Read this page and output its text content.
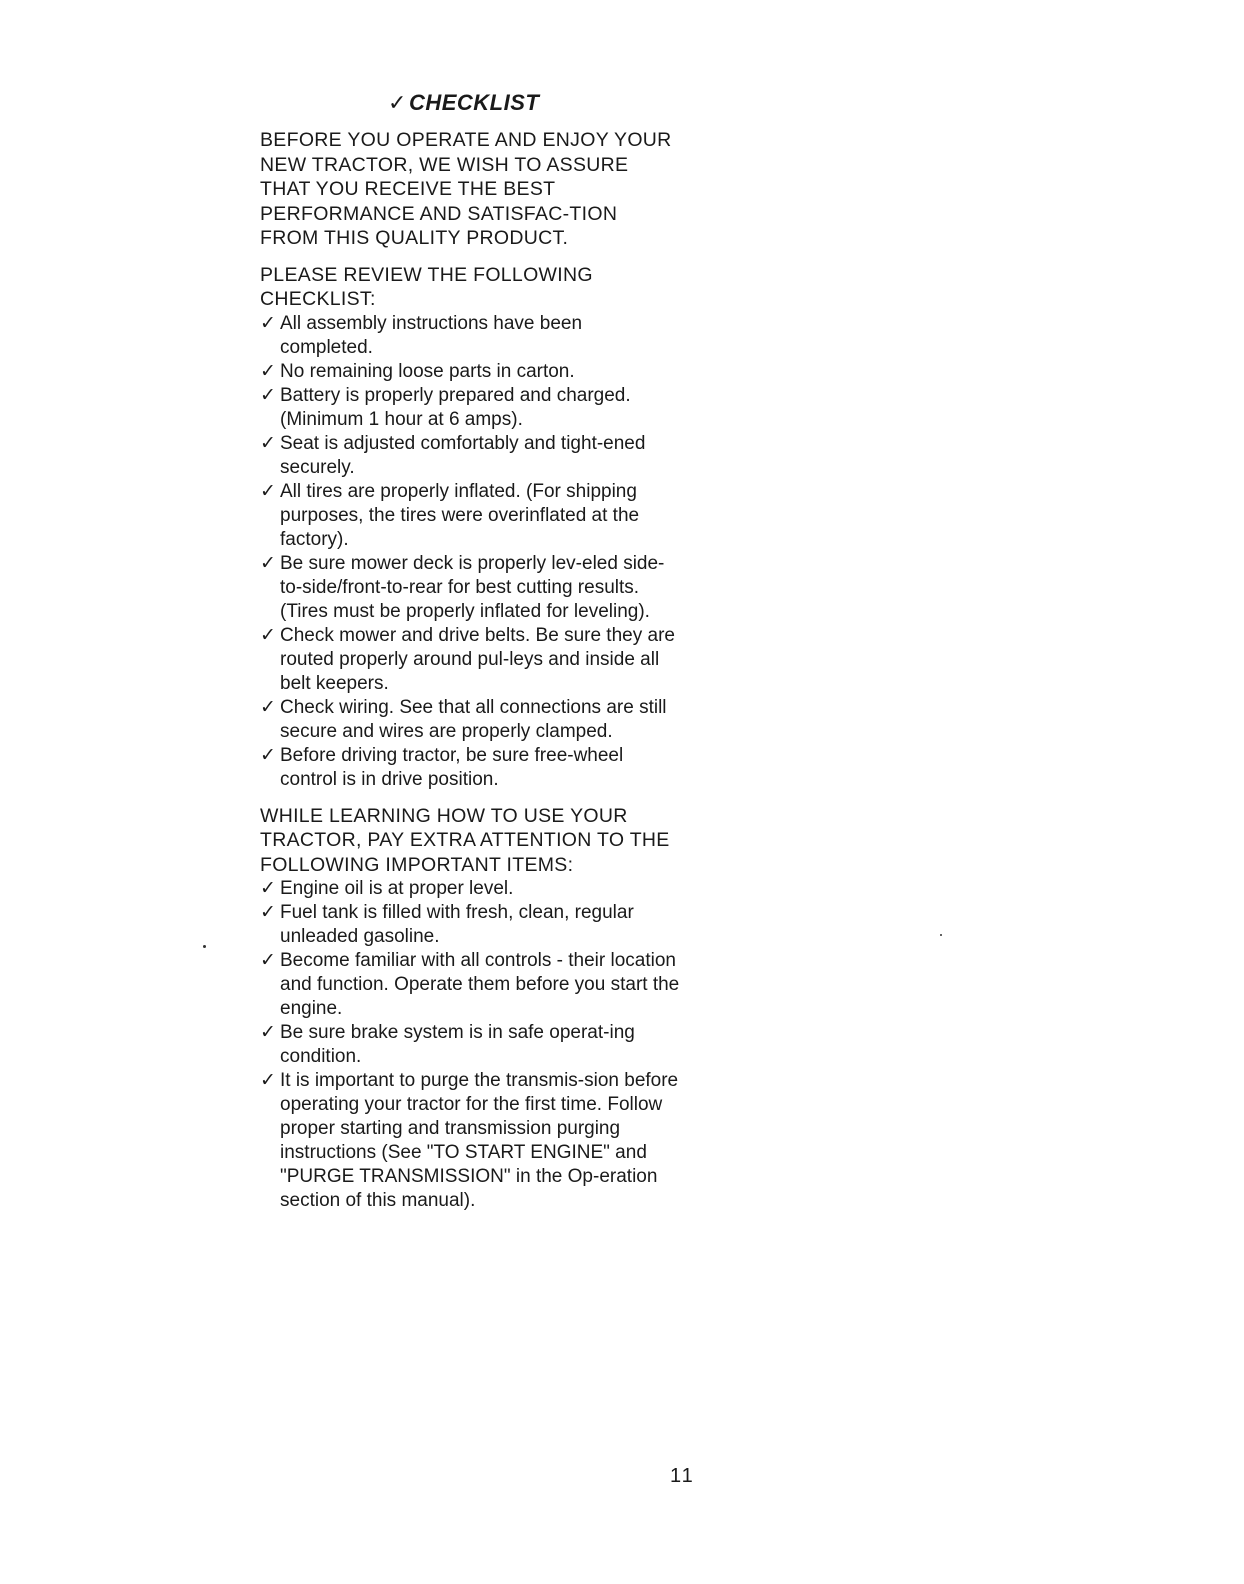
✓CHECKLIST

BEFORE YOU OPERATE AND ENJOY YOUR NEW TRACTOR, WE WISH TO ASSURE THAT YOU RECEIVE THE BEST PERFORMANCE AND SATISFAC-TION FROM THIS QUALITY PRODUCT.

PLEASE REVIEW THE FOLLOWING CHECKLIST:

✓ All assembly instructions have been completed.
✓ No remaining loose parts in carton.
✓ Battery is properly prepared and charged. (Minimum 1 hour at 6 amps).
✓ Seat is adjusted comfortably and tight-ened securely.
✓ All tires are properly inflated. (For shipping purposes, the tires were overinflated at the factory).
✓ Be sure mower deck is properly lev-eled side-to-side/front-to-rear for best cutting results. (Tires must be properly inflated for leveling).
✓ Check mower and drive belts. Be sure they are routed properly around pul-leys and inside all belt keepers.
✓ Check wiring. See that all connections are still secure and wires are properly clamped.
✓ Before driving tractor, be sure free-wheel control is in drive position.

WHILE LEARNING HOW TO USE YOUR TRACTOR, PAY EXTRA ATTENTION TO THE FOLLOWING IMPORTANT ITEMS:

✓ Engine oil is at proper level.
✓ Fuel tank is filled with fresh, clean, regular unleaded gasoline.
✓ Become familiar with all controls - their location and function. Operate them before you start the engine.
✓ Be sure brake system is in safe operat-ing condition.
✓ It is important to purge the transmis-sion before operating your tractor for the first time. Follow proper starting and transmission purging instructions (See "TO START ENGINE" and "PURGE TRANSMISSION" in the Op-eration section of this manual).
11
